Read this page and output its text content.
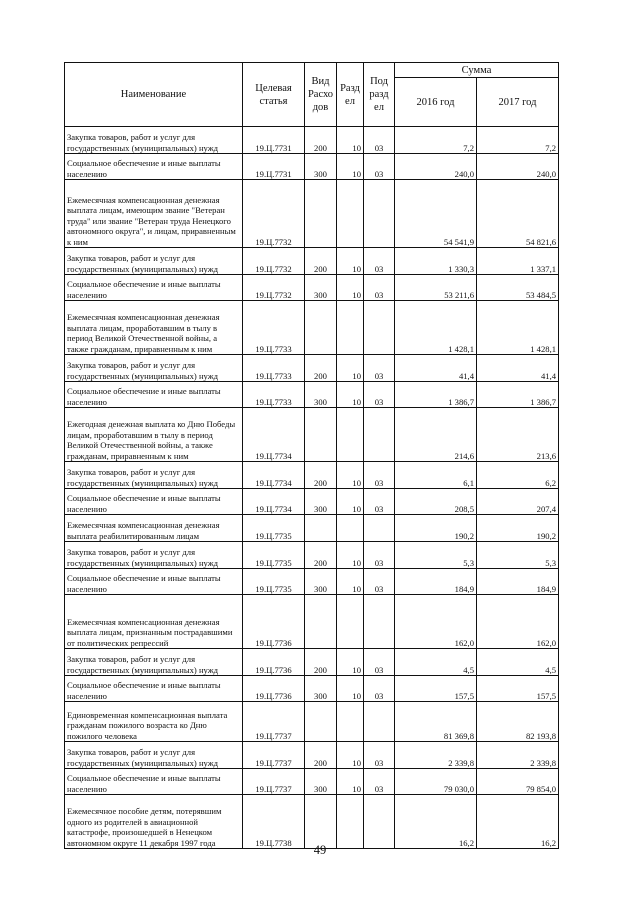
Наименование	Целевая статья	Вид Расхо дов	Разд ел	Под разд ел	Сумма	
					2016 год	2017 год
Закупка товаров, работ и услуг для государственных (муниципальных) нужд	19.Ц.7731	200	10	03	7,2	7,2
Социальное обеспечение и иные выплаты населению	19.Ц.7731	300	10	03	240,0	240,0
Ежемесячная компенсационная денежная выплата лицам, имеющим звание "Ветеран труда" или звание "Ветеран труда Ненецкого автономного округа", и лицам, приравненным к ним	19.Ц.7732				54 541,9	54 821,6
Закупка товаров, работ и услуг для государственных (муниципальных) нужд	19.Ц.7732	200	10	03	1 330,3	1 337,1
Социальное обеспечение и иные выплаты населению	19.Ц.7732	300	10	03	53 211,6	53 484,5
Ежемесячная компенсационная денежная выплата лицам, проработавшим в тылу в период Великой Отечественной войны, а также гражданам, приравненным к ним	19.Ц.7733				1 428,1	1 428,1
Закупка товаров, работ и услуг для государственных (муниципальных) нужд	19.Ц.7733	200	10	03	41,4	41,4
Социальное обеспечение и иные выплаты населению	19.Ц.7733	300	10	03	1 386,7	1 386,7
Ежегодная денежная выплата ко Дню Победы лицам, проработавшим в тылу в период Великой Отечественной войны, а также гражданам, приравненным к ним	19.Ц.7734				214,6	213,6
Закупка товаров, работ и услуг для государственных (муниципальных) нужд	19.Ц.7734	200	10	03	6,1	6,2
Социальное обеспечение и иные выплаты населению	19.Ц.7734	300	10	03	208,5	207,4
Ежемесячная компенсационная денежная выплата реабилитированным лицам	19.Ц.7735				190,2	190,2
Закупка товаров, работ и услуг для государственных (муниципальных) нужд	19.Ц.7735	200	10	03	5,3	5,3
Социальное обеспечение и иные выплаты населению	19.Ц.7735	300	10	03	184,9	184,9
Ежемесячная компенсационная денежная выплата лицам, признанным пострадавшими от политических репрессий	19.Ц.7736				162,0	162,0
Закупка товаров, работ и услуг для государственных (муниципальных) нужд	19.Ц.7736	200	10	03	4,5	4,5
Социальное обеспечение и иные выплаты населению	19.Ц.7736	300	10	03	157,5	157,5
Единовременная компенсационная выплата гражданам пожилого возраста ко Дню пожилого человека	19.Ц.7737				81 369,8	82 193,8
Закупка товаров, работ и услуг для государственных (муниципальных) нужд	19.Ц.7737	200	10	03	2 339,8	2 339,8
Социальное обеспечение и иные выплаты населению	19.Ц.7737	300	10	03	79 030,0	79 854,0
Ежемесячное пособие детям, потерявшим одного из родителей в авиационной катастрофе, произошедшей в Ненецком автономном округе 11 декабря 1997 года	19.Ц.7738				16,2	16,2
49
